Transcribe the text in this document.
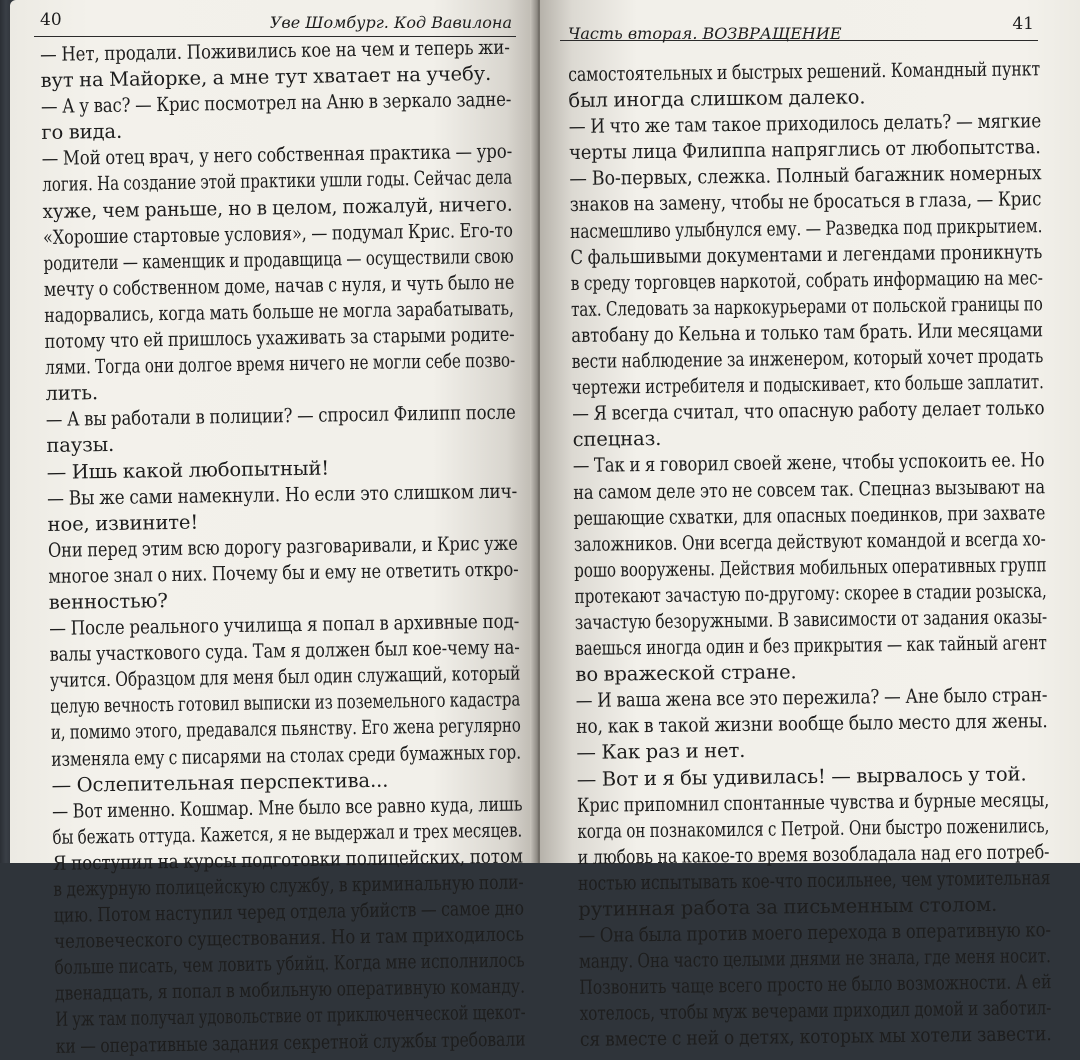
40	Уве Шомбург. Код Вавилона
— Нет, продали. Поживились кое на чем и теперь жи-
вут на Майорке, а мне тут хватает на учебу.
— А у вас? — Крис посмотрел на Аню в зеркало задне-
го вида.
— Мой отец врач, у него собственная практика — уро-
логия. На создание этой практики ушли годы. Сейчас дела
хуже, чем раньше, но в целом, пожалуй, ничего.
«Хорошие стартовые условия», — подумал Крис. Его-то
родители — каменщик и продавщица — осуществили свою
мечту о собственном доме, начав с нуля, и чуть было не
надорвались, когда мать больше не могла зарабатывать,
потому что ей пришлось ухаживать за старыми родите-
лями. Тогда они долгое время ничего не могли себе позво-
лить.
— А вы работали в полиции? — спросил Филипп после
паузы.
— Ишь какой любопытный!
— Вы же сами намекнули. Но если это слишком лич-
ное, извините!
Они перед этим всю дорогу разговаривали, и Крис уже
многое знал о них. Почему бы и ему не ответить откро-
венностью?
— После реального училища я попал в архивные под-
валы участкового суда. Там я должен был кое-чему на-
учится. Образцом для меня был один служащий, который
целую вечность готовил выписки из поземельного кадастра
и, помимо этого, предавался пьянству. Его жена регулярно
изменяла ему с писарями на столах среди бумажных гор.
— Ослепительная перспектива...
— Вот именно. Кошмар. Мне было все равно куда, лишь
бы бежать оттуда. Кажется, я не выдержал и трех месяцев.
Я поступил на курсы подготовки полицейских, потом
в дежурную полицейскую службу, в криминальную поли-
цию. Потом наступил черед отдела убийств — самое дно
человеческого существования. Но и там приходилось
больше писать, чем ловить убийц. Когда мне исполнилось
двенадцать, я попал в мобильную оперативную команду.
И уж там получал удовольствие от приключенческой щекот-
ки — оперативные задания секретной службы требовали
Часть вторая. ВОЗВРАЩЕНИЕ	41
самостоятельных и быстрых решений. Командный пункт
был иногда слишком далеко.
— И что же там такое приходилось делать? — мягкие
черты лица Филиппа напряглись от любопытства.
— Во-первых, слежка. Полный багажник номерных
знаков на замену, чтобы не бросаться в глаза, — Крис
насмешливо улыбнулся ему. — Разведка под прикрытием.
С фальшивыми документами и легендами проникнуть
в среду торговцев наркотой, собрать информацию на мес-
тах. Следовать за наркокурьерами от польской границы по
автобану до Кельна и только там брать. Или месяцами
вести наблюдение за инженером, который хочет продать
чертежи истребителя и подыскивает, кто больше заплатит.
— Я всегда считал, что опасную работу делает только
спецназ.
— Так и я говорил своей жене, чтобы успокоить ее. Но
на самом деле это не совсем так. Спецназ вызывают на
решающие схватки, для опасных поединков, при захвате
заложников. Они всегда действуют командой и всегда хо-
рошо вооружены. Действия мобильных оперативных групп
протекают зачастую по-другому: скорее в стадии розыска,
зачастую безоружными. В зависимости от задания оказы-
ваешься иногда один и без прикрытия — как тайный агент
во вражеской стране.
— И ваша жена все это пережила? — Ане было стран-
но, как в такой жизни вообще было место для жены.
— Как раз и нет.
— Вот и я бы удивилась! — вырвалось у той.
Крис припомнил спонтанные чувства и бурные месяцы,
когда он познакомился с Петрой. Они быстро поженились,
и любовь на какое-то время возобладала над его потреб-
ностью испытывать кое-что посильнее, чем утомительная
рутинная работа за письменным столом.
— Она была против моего перехода в оперативную ко-
манду. Она часто целыми днями не знала, где меня носит.
Позвонить чаще всего просто не было возможности. А ей
хотелось, чтобы муж вечерами приходил домой и заботил-
ся вместе с ней о детях, которых мы хотели завести.
